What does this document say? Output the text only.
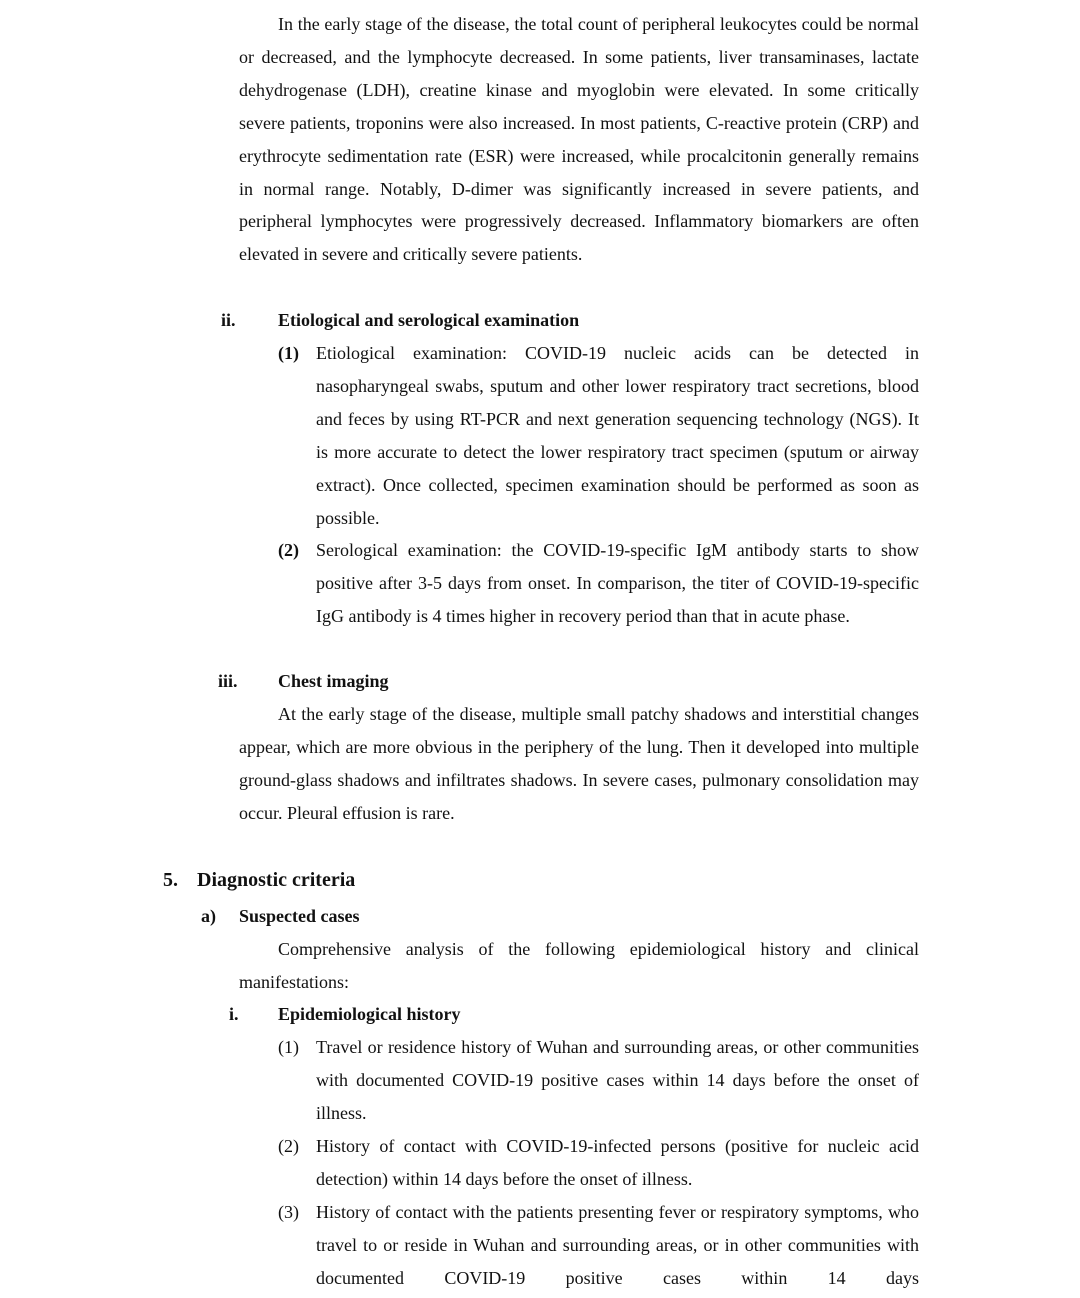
In the early stage of the disease, the total count of peripheral leukocytes could be normal or decreased, and the lymphocyte decreased. In some patients, liver transaminases, lactate dehydrogenase (LDH), creatine kinase and myoglobin were elevated. In some critically severe patients, troponins were also increased. In most patients, C-reactive protein (CRP) and erythrocyte sedimentation rate (ESR) were increased, while procalcitonin generally remains in normal range. Notably, D-dimer was significantly increased in severe patients, and peripheral lymphocytes were progressively decreased. Inflammatory biomarkers are often elevated in severe and critically severe patients.

ii. Etiological and serological examination
(1) Etiological examination: COVID-19 nucleic acids can be detected in nasopharyngeal swabs, sputum and other lower respiratory tract secretions, blood and feces by using RT-PCR and next generation sequencing technology (NGS). It is more accurate to detect the lower respiratory tract specimen (sputum or airway extract). Once collected, specimen examination should be performed as soon as possible.

(2) Serological examination: the COVID-19-specific IgM antibody starts to show positive after 3-5 days from onset. In comparison, the titer of COVID-19-specific IgG antibody is 4 times higher in recovery period than that in acute phase.

iii. Chest imaging

At the early stage of the disease, multiple small patchy shadows and interstitial changes appear, which are more obvious in the periphery of the lung. Then it developed into multiple ground-glass shadows and infiltrates shadows. In severe cases, pulmonary consolidation may occur. Pleural effusion is rare.

5. Diagnostic criteria
a) Suspected cases

Comprehensive analysis of the following epidemiological history and clinical manifestations:

i. Epidemiological history
(1) Travel or residence history of Wuhan and surrounding areas, or other communities with documented COVID-19 positive cases within 14 days before the onset of illness.

(2) History of contact with COVID-19-infected persons (positive for nucleic acid detection) within 14 days before the onset of illness.

(3) History of contact with the patients presenting fever or respiratory symptoms, who travel to or reside in Wuhan and surrounding areas, or in other communities with documented COVID-19 positive cases within 14 days
